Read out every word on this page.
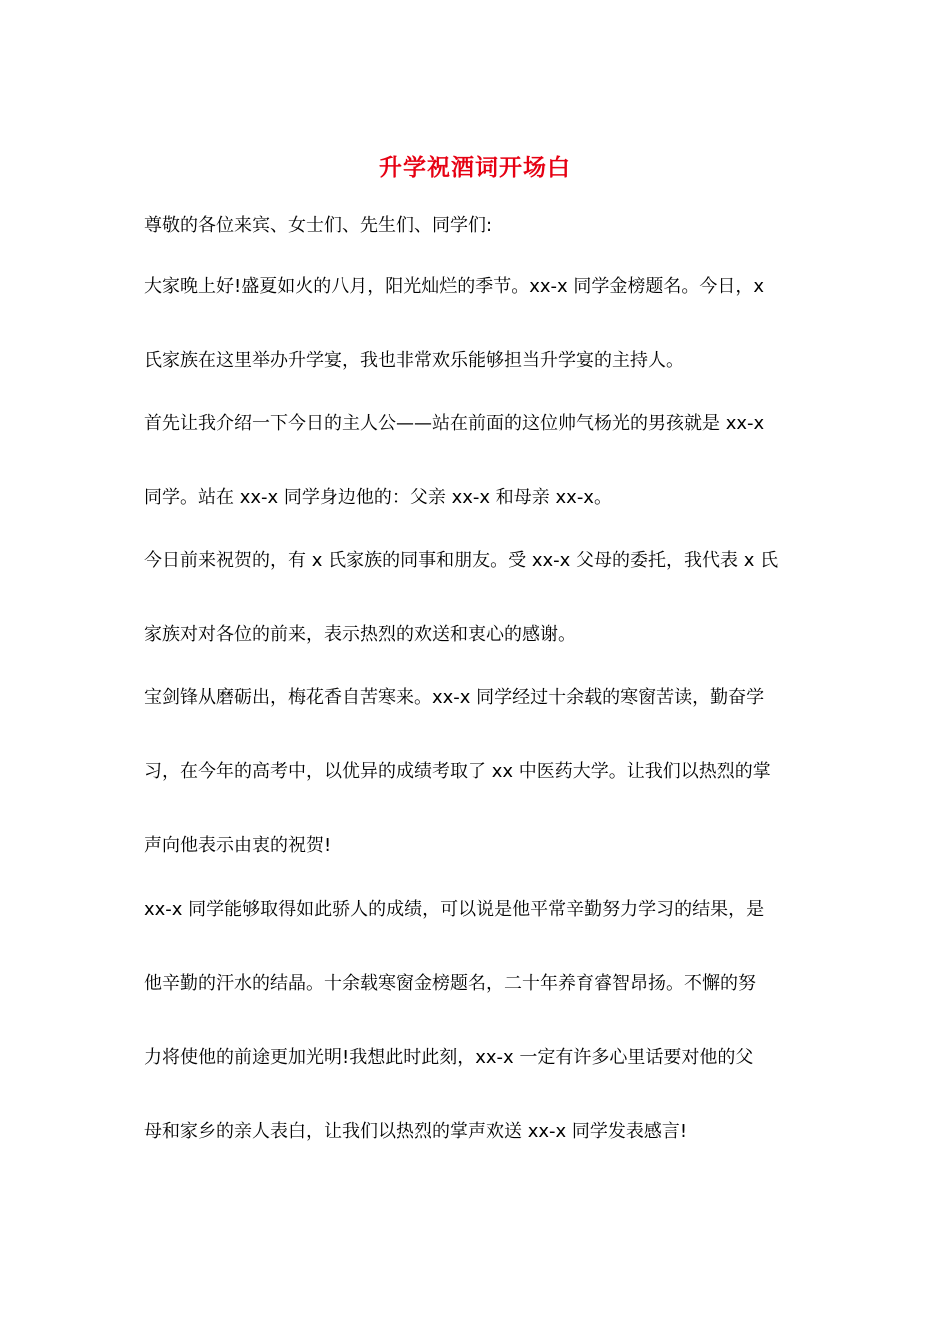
升学祝酒词开场白
尊敬的各位来宾、女士们、先生们、同学们:
大家晚上好!盛夏如火的八月，阳光灿烂的季节。xx-x 同学金榜题名。今日，x
氏家族在这里举办升学宴，我也非常欢乐能够担当升学宴的主持人。
首先让我介绍一下今日的主人公——站在前面的这位帅气杨光的男孩就是 xx-x
同学。站在 xx-x 同学身边他的：父亲 xx-x 和母亲 xx-x。
今日前来祝贺的，有 x 氏家族的同事和朋友。受 xx-x 父母的委托，我代表 x 氏
家族对对各位的前来，表示热烈的欢送和衷心的感谢。
宝剑锋从磨砺出，梅花香自苦寒来。xx-x 同学经过十余载的寒窗苦读，勤奋学
习，在今年的高考中，以优异的成绩考取了 xx 中医药大学。让我们以热烈的掌
声向他表示由衷的祝贺!
xx-x 同学能够取得如此骄人的成绩，可以说是他平常辛勤努力学习的结果，是
他辛勤的汗水的结晶。十余载寒窗金榜题名，二十年养育睿智昂扬。不懈的努
力将使他的前途更加光明!我想此时此刻，xx-x 一定有许多心里话要对他的父
母和家乡的亲人表白，让我们以热烈的掌声欢送 xx-x 同学发表感言!
